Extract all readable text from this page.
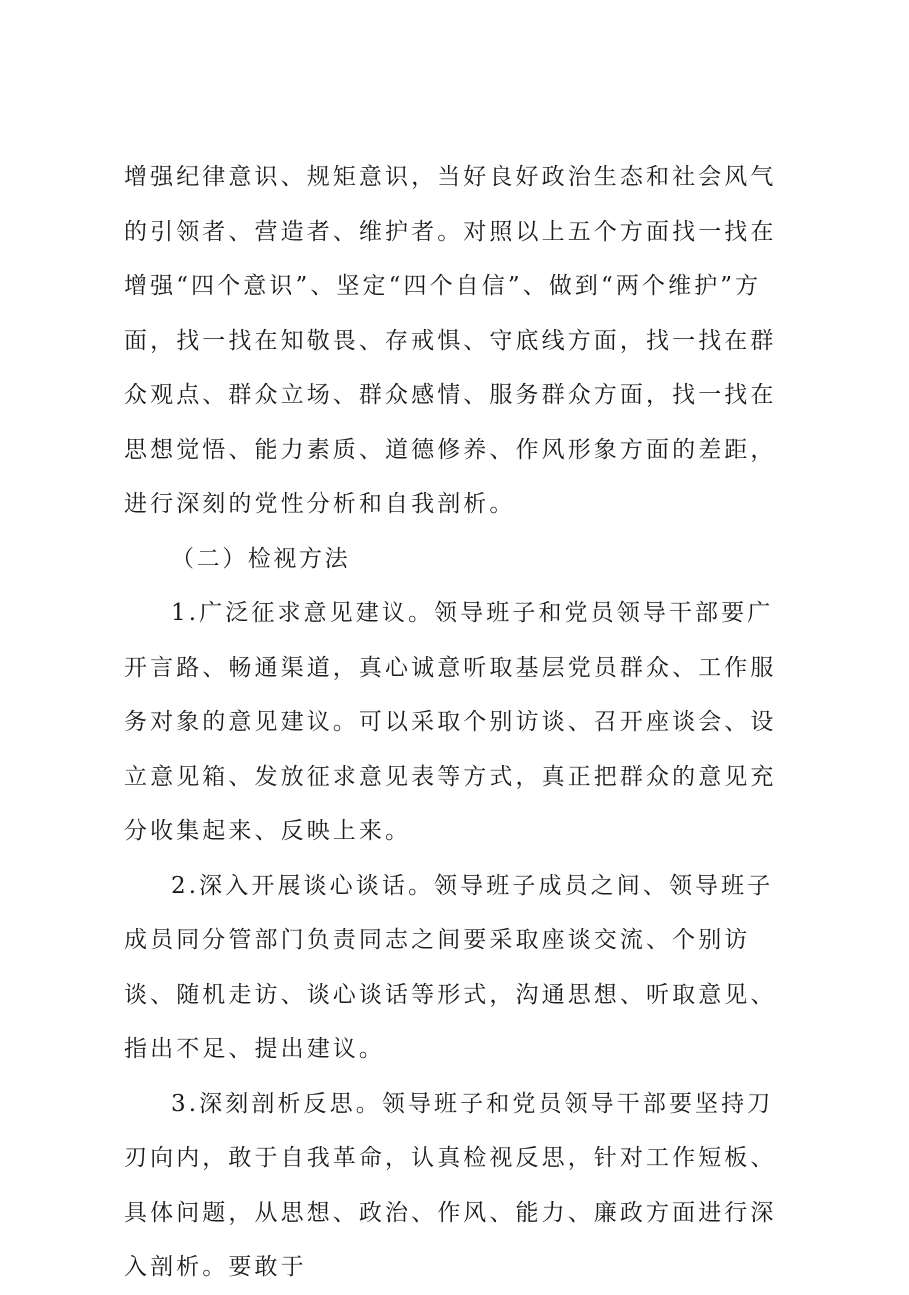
增强纪律意识、规矩意识，当好良好政治生态和社会风气的引领者、营造者、维护者。对照以上五个方面找一找在增强“四个意识”、坚定“四个自信”、做到“两个维护”方面，找一找在知敬畏、存戒惧、守底线方面，找一找在群众观点、群众立场、群众感情、服务群众方面，找一找在思想觉悟、能力素质、道德修养、作风形象方面的差距，进行深刻的党性分析和自我剖析。

（二）检视方法

1.广泛征求意见建议。领导班子和党员领导干部要广开言路、畅通渠道，真心诚意听取基层党员群众、工作服务对象的意见建议。可以采取个别访谈、召开座谈会、设立意见箱、发放征求意见表等方式，真正把群众的意见充分收集起来、反映上来。

2.深入开展谈心谈话。领导班子成员之间、领导班子成员同分管部门负责同志之间要采取座谈交流、个别访谈、随机走访、谈心谈话等形式，沟通思想、听取意见、指出不足、提出建议。

3.深刻剖析反思。领导班子和党员领导干部要坚持刀刃向内，敢于自我革命，认真检视反思，针对工作短板、具体问题，从思想、政治、作风、能力、廉政方面进行深入剖析。要敢于
